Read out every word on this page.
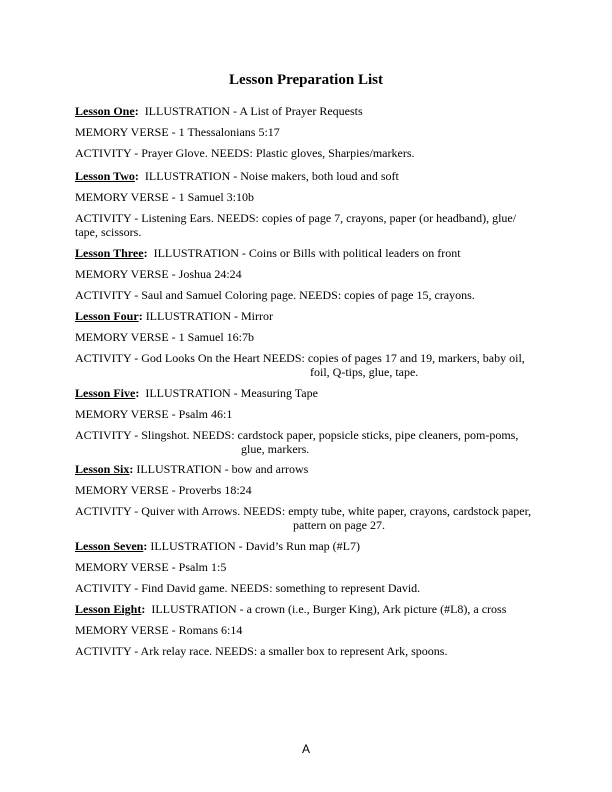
Lesson Preparation List
Lesson One:  ILLUSTRATION - A List of Prayer Requests
MEMORY VERSE - 1 Thessalonians 5:17
ACTIVITY - Prayer Glove. NEEDS: Plastic gloves, Sharpies/markers.
Lesson Two:  ILLUSTRATION - Noise makers, both loud and soft
MEMORY VERSE - 1 Samuel 3:10b
ACTIVITY - Listening Ears. NEEDS: copies of page 7, crayons, paper (or headband), glue/
tape, scissors.
Lesson Three:  ILLUSTRATION - Coins or Bills with political leaders on front
MEMORY VERSE - Joshua 24:24
ACTIVITY - Saul and Samuel Coloring page. NEEDS: copies of page 15, crayons.
Lesson Four: ILLUSTRATION - Mirror
MEMORY VERSE - 1 Samuel 16:7b
ACTIVITY - God Looks On the Heart NEEDS: copies of pages 17 and 19, markers, baby oil,
foil, Q-tips, glue, tape.
Lesson Five:  ILLUSTRATION - Measuring Tape
MEMORY VERSE - Psalm 46:1
ACTIVITY - Slingshot. NEEDS: cardstock paper, popsicle sticks, pipe cleaners, pom-poms,
glue, markers.
Lesson Six: ILLUSTRATION - bow and arrows
MEMORY VERSE - Proverbs 18:24
ACTIVITY - Quiver with Arrows. NEEDS: empty tube, white paper, crayons, cardstock paper,
pattern on page 27.
Lesson Seven: ILLUSTRATION - David’s Run map (#L7)
MEMORY VERSE - Psalm 1:5
ACTIVITY - Find David game. NEEDS: something to represent David.
Lesson Eight:  ILLUSTRATION - a crown (i.e., Burger King), Ark picture (#L8), a cross
MEMORY VERSE - Romans 6:14
ACTIVITY - Ark relay race. NEEDS: a smaller box to represent Ark, spoons.
A
